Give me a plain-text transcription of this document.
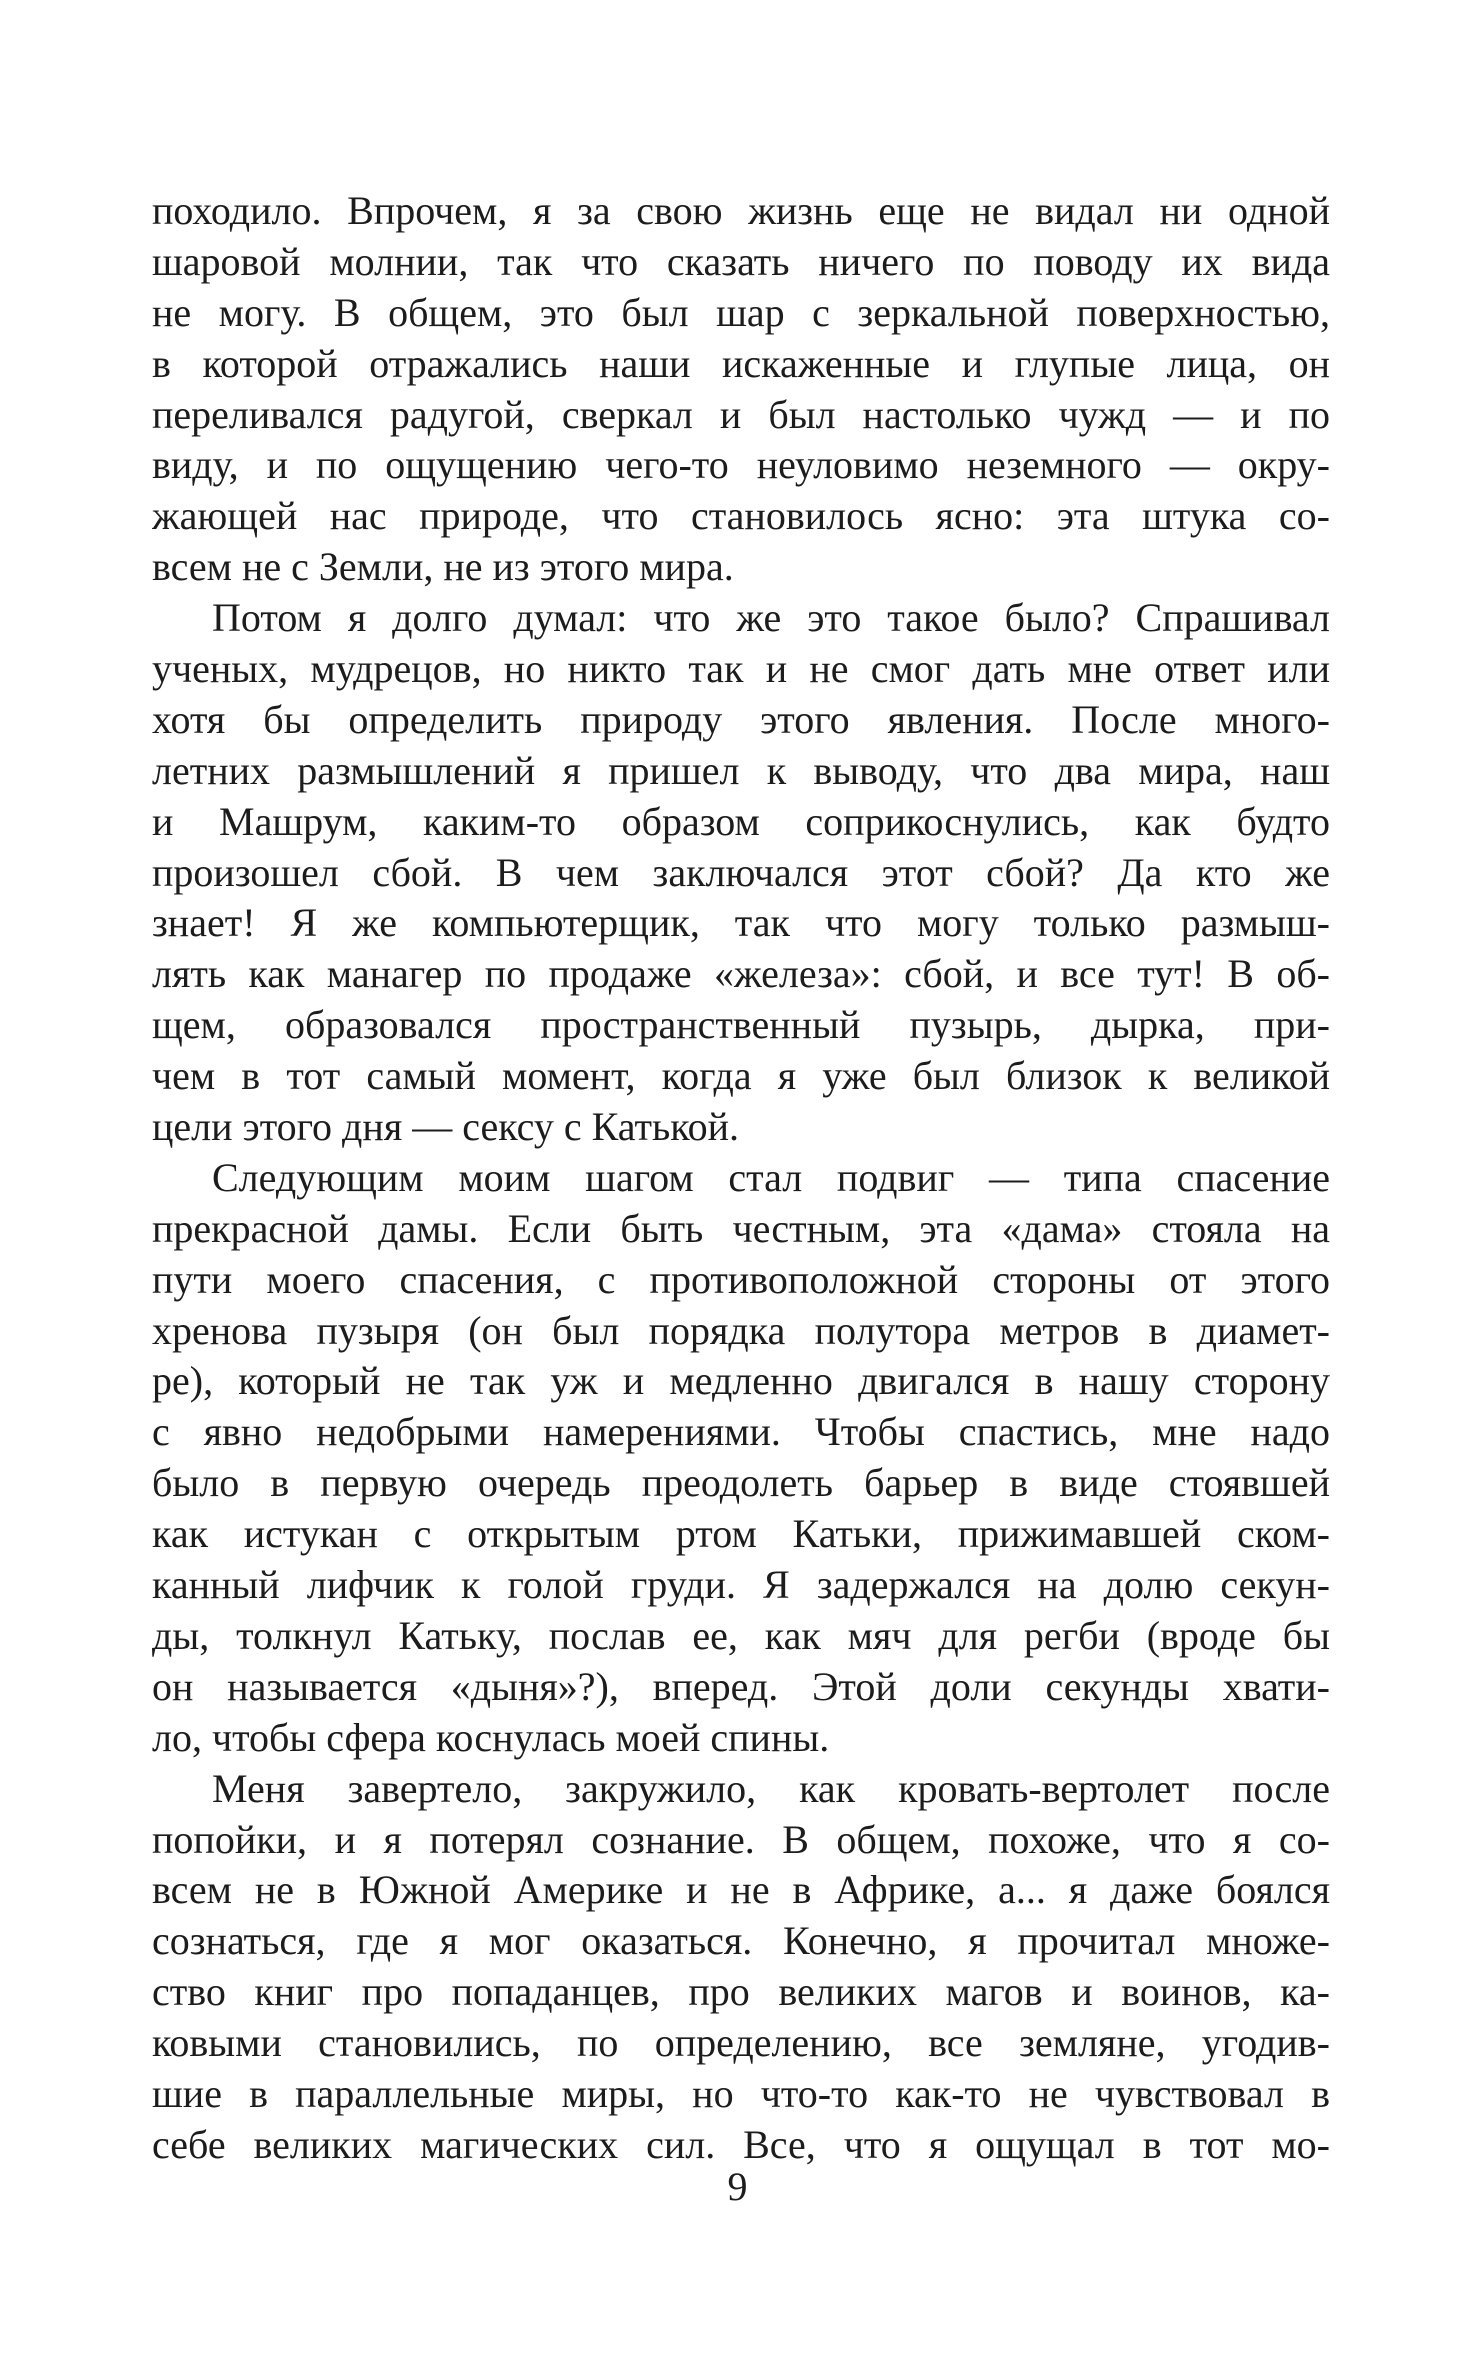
походило. Впрочем, я за свою жизнь еще не видал ни одной
шаровой молнии, так что сказать ничего по поводу их вида
не могу. В общем, это был шар с зеркальной поверхностью,
в которой отражались наши искаженные и глупые лица, он
переливался радугой, сверкал и был настолько чужд — и по
виду, и по ощущению чего-то неуловимо неземного — окру-
жающей нас природе, что становилось ясно: эта штука со-
всем не с Земли, не из этого мира.
Потом я долго думал: что же это такое было? Спрашивал
ученых, мудрецов, но никто так и не смог дать мне ответ или
хотя бы определить природу этого явления. После много-
летних размышлений я пришел к выводу, что два мира, наш
и Машрум, каким-то образом соприкоснулись, как будто
произошел сбой. В чем заключался этот сбой? Да кто же
знает! Я же компьютерщик, так что могу только размыш-
лять как манагер по продаже «железа»: сбой, и все тут! В об-
щем, образовался пространственный пузырь, дырка, при-
чем в тот самый момент, когда я уже был близок к великой
цели этого дня — сексу с Катькой.
Следующим моим шагом стал подвиг — типа спасение
прекрасной дамы. Если быть честным, эта «дама» стояла на
пути моего спасения, с противоположной стороны от этого
хренова пузыря (он был порядка полутора метров в диамет-
ре), который не так уж и медленно двигался в нашу сторону
с явно недобрыми намерениями. Чтобы спастись, мне надо
было в первую очередь преодолеть барьер в виде стоявшей
как истукан с открытым ртом Катьки, прижимавшей ском-
канный лифчик к голой груди. Я задержался на долю секун-
ды, толкнул Катьку, послав ее, как мяч для регби (вроде бы
он называется «дыня»?), вперед. Этой доли секунды хвати-
ло, чтобы сфера коснулась моей спины.
Меня завертело, закружило, как кровать-вертолет после
попойки, и я потерял сознание. В общем, похоже, что я со-
всем не в Южной Америке и не в Африке, а... я даже боялся
сознаться, где я мог оказаться. Конечно, я прочитал множе-
ство книг про попаданцев, про великих магов и воинов, ка-
ковыми становились, по определению, все земляне, угодив-
шие в параллельные миры, но что-то как-то не чувствовал в
себе великих магических сил. Все, что я ощущал в тот мо-
9
